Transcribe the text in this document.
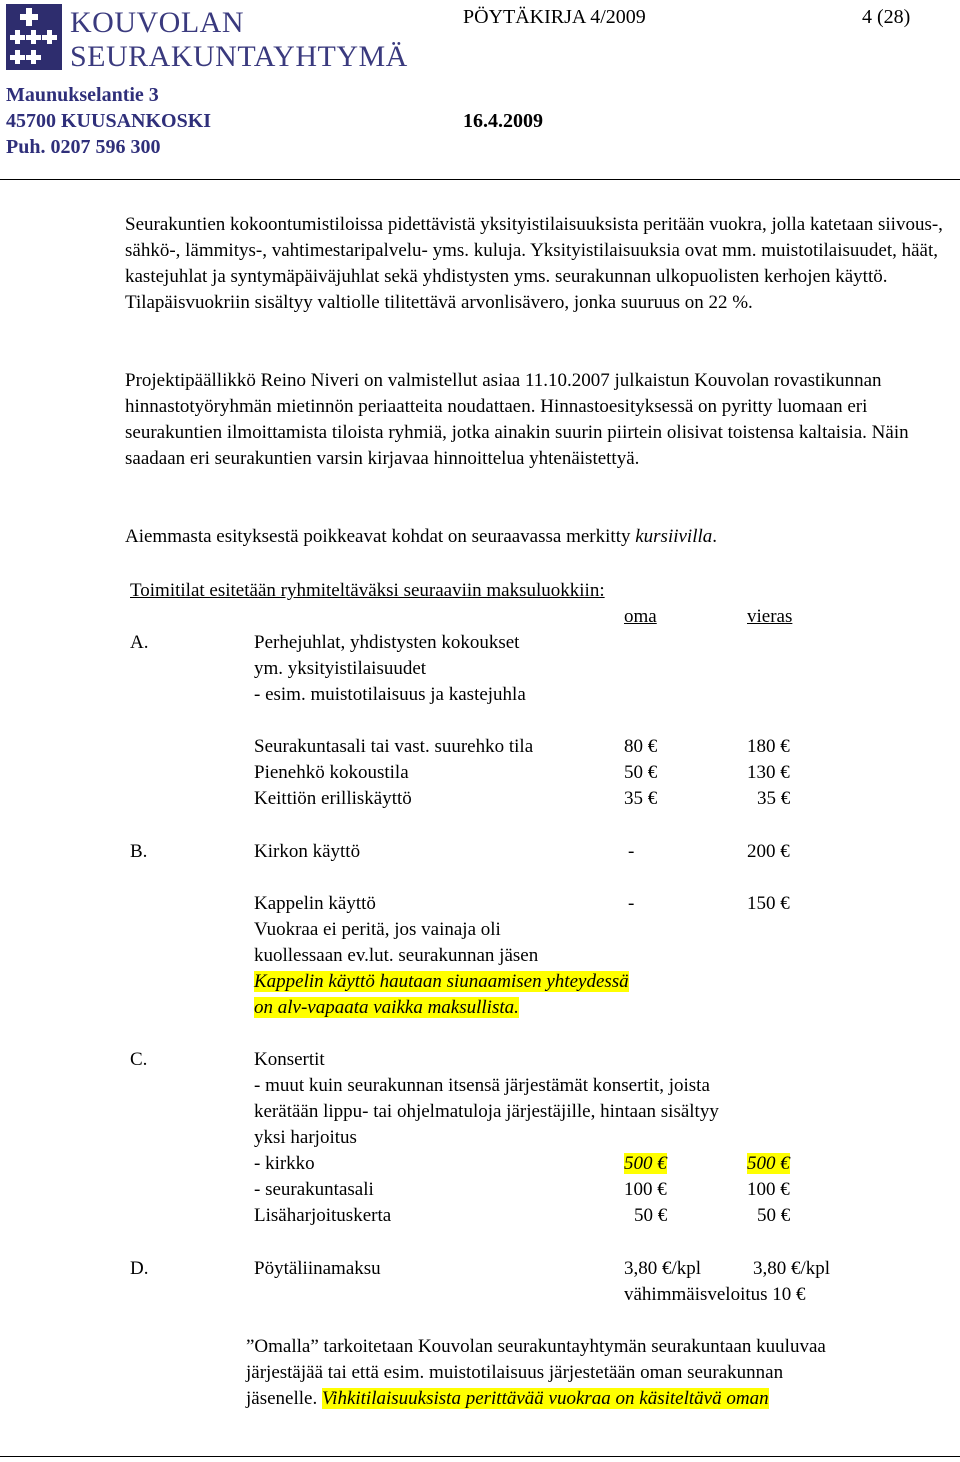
KOUVOLAN
SEURAKUNTAYHTYMÄ
Maunukselantie 3
45700 KUUSANKOSKI
Puh. 0207 596 300
PÖYTÄKIRJA 4/2009	4 (28)
16.4.2009

Seurakuntien kokoontumistiloissa pidettävistä yksityistilaisuuksista peritään vuokra, jolla katetaan siivous-, sähkö-, lämmitys-, vahtimestaripalvelu- yms. kuluja. Yksityistilaisuuksia ovat mm. muistotilaisuudet, häät, kastejuhlat ja syntymäpäiväjuhlat sekä yhdistysten yms. seurakunnan ulkopuolisten kerhojen käyttö. Tilapäisvuokriin sisältyy valtiolle tilitettävä arvonlisävero, jonka suuruus on 22 %.

Projektipäällikkö Reino Niveri on valmistellut asiaa 11.10.2007 julkaistun Kouvolan rovastikunnan hinnastotyöryhmän mietinnön periaatteita noudattaen. Hinnastoesityksessä on pyritty luomaan eri seurakuntien ilmoittamista tiloista ryhmiä, jotka ainakin suurin piirtein olisivat toistensa kaltaisia. Näin saadaan eri seurakuntien varsin kirjavaa hinnoittelua yhtenäistettyä.

Aiemmasta esityksestä poikkeavat kohdat on seuraavassa merkitty kursiivilla.

Toimitilat esitetään ryhmiteltäväksi seuraaviin maksuluokkiin:
oma	vieras
A.	Perhejuhlat, yhdistysten kokoukset
ym. yksityistilaisuudet
- esim. muistotilaisuus ja kastejuhla
Seurakuntasali tai vast. suurehko tila	80 €	180 €
Pienehkö kokoustila	50 €	130 €
Keittiön erilliskäyttö	35 €	35 €
B.	Kirkon käyttö	-	200 €
Kappelin käyttö	-	150 €
Vuokraa ei peritä, jos vainaja oli
kuollessaan ev.lut. seurakunnan jäsen
Kappelin käyttö hautaan siunaamisen yhteydessä
on alv-vapaata vaikka maksullista.
C.	Konsertit
- muut kuin seurakunnan itsensä järjestämät konsertit, joista
kerätään lippu- tai ohjelmatuloja järjestäjille, hintaan sisältyy
yksi harjoitus
- kirkko	500 €	500 €
- seurakuntasali	100 €	100 €
Lisäharjoituskerta	50 €	50 €
D.	Pöytäliinamaksu	3,80 €/kpl	3,80 €/kpl
vähimmäisveloitus 10 €
”Omalla” tarkoitetaan Kouvolan seurakuntayhtymän seurakuntaan kuuluvaa
järjestäjää tai että esim. muistotilaisuus järjestetään oman seurakunnan
jäsenelle. Vihkitilaisuuksista perittävää vuokraa on käsiteltävä oman
